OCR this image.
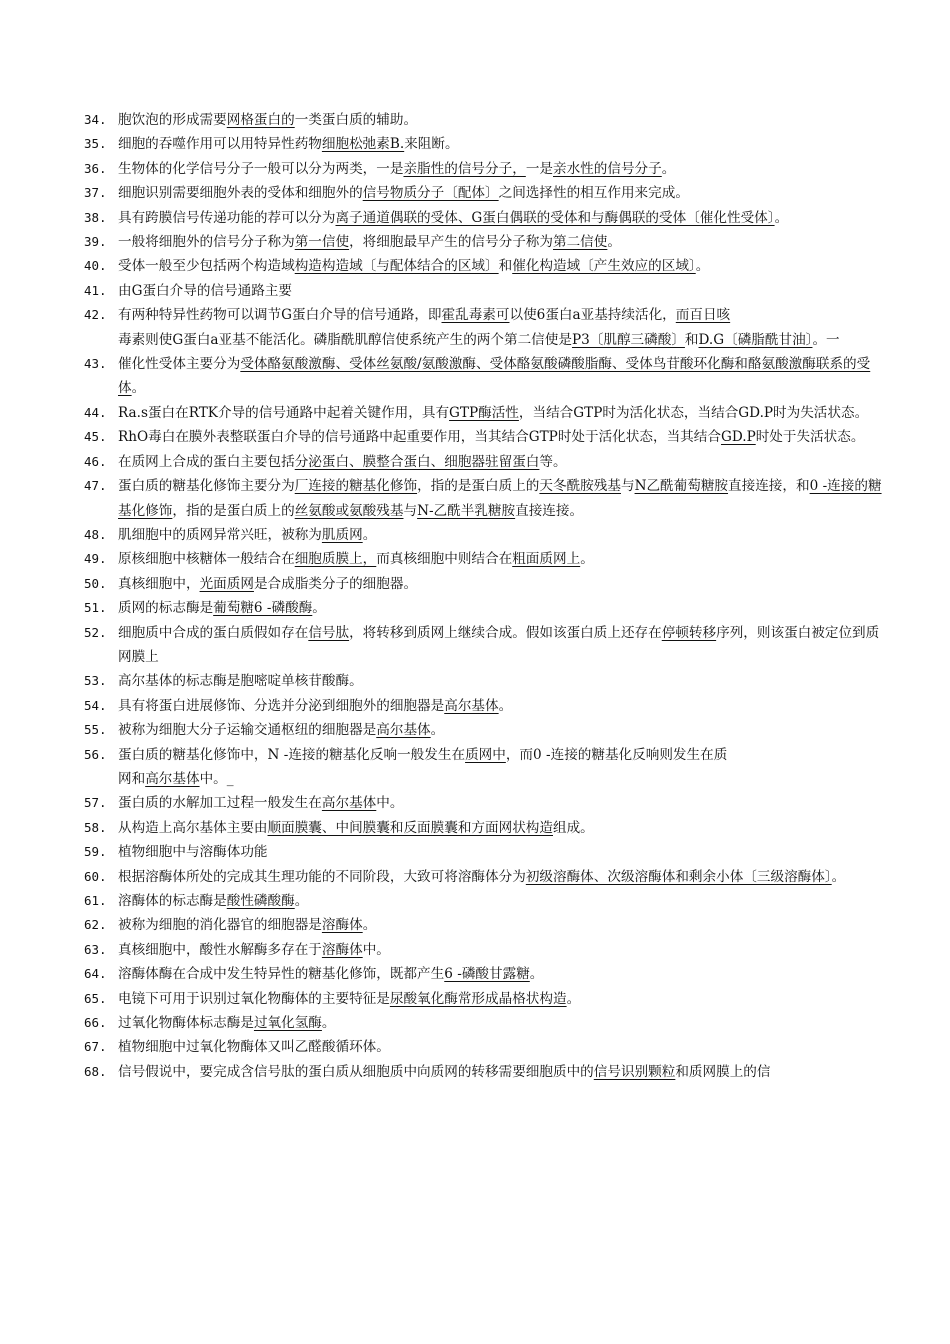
34. 胞饮泡的形成需要网格蛋白的一类蛋白质的辅助。
35. 细胞的吞噬作用可以用特异性药物细胞松弛素B.来阻断。
36. 生物体的化学信号分子一般可以分为两类，一是亲脂性的信号分子，一是亲水性的信号分子。
37. 细胞识别需要细胞外表的受体和细胞外的信号物质分子〔配体〕之间选择性的相互作用来完成。
38. 具有跨膜信号传递功能的荐可以分为离子通道偶联的受体、G蛋白偶联的受体和与酶偶联的受体〔催化性受体〕。
39. 一般将细胞外的信号分子称为第一信使，将细胞最早产生的信号分子称为第二信使。
40. 受体一般至少包括两个构造域构造构造域〔与配体结合的区域〕和催化构造域〔产生效应的区域〕。
41. 由G蛋白介导的信号通路主要
42. 有两种特异性药物可以调节G蛋白介导的信号通路，即霍乱毒素可以使6蛋白a亚基持续活化，而百日咳
毒素则使G蛋白a亚基不能活化。磷脂酰肌醇信使系统产生的两个第二信使是P3〔肌醇三磷酸〕和D.G〔磷脂酰甘油〕。一
43. 催化性受体主要分为受体酪氨酸激酶、受体丝氨酸/氨酸激酶、受体酪氨酸磷酸脂酶、受体鸟苷酸环化酶和酪氨酸激酶联系的受体。
44. Ra.s蛋白在RTK介导的信号通路中起着关键作用，具有GTP酶活性，当结合GTP时为活化状态，当结合GD.P时为失活状态。
45. RhO毒白在膜外表整联蛋白介导的信号通路中起重要作用，当其结合GTP时处于活化状态，当其结合GD.P时处于失活状态。
46. 在质网上合成的蛋白主要包括分泌蛋白、膜整合蛋白、细胞器驻留蛋白等。
47. 蛋白质的糖基化修饰主要分为厂连接的糖基化修饰，指的是蛋白质上的天冬酰胺残基与N乙酰葡萄糖胺直接连接，和0 -连接的糖基化修饰，指的是蛋白质上的丝氨酸或氨酸残基与N-乙酰半乳糖胺直接连接。
48. 肌细胞中的质网异常兴旺，被称为肌质网。
49. 原核细胞中核糖体一般结合在细胞质膜上，而真核细胞中则结合在粗面质网上。
50. 真核细胞中，光面质网是合成脂类分子的细胞器。
51. 质网的标志酶是葡萄糖6 -磷酸酶。
52. 细胞质中合成的蛋白质假如存在信号肽，将转移到质网上继续合成。假如该蛋白质上还存在停顿转移序列，则该蛋白被定位到质网膜上
53. 高尔基体的标志酶是胞嘧啶单核苷酸酶。
54. 具有将蛋白进展修饰、分选并分泌到细胞外的细胞器是高尔基体。
55. 被称为细胞大分子运输交通枢纽的细胞器是高尔基体。
56. 蛋白质的糖基化修饰中，N -连接的糖基化反响一般发生在质网中，而0 -连接的糖基化反响则发生在质
网和高尔基体中。_
57. 蛋白质的水解加工过程一般发生在高尔基体中。
58. 从构造上高尔基体主要由顺面膜囊、中间膜囊和反面膜囊和方面网状构造组成。
59. 植物细胞中与溶酶体功能
60. 根据溶酶体所处的完成其生理功能的不同阶段，大致可将溶酶体分为初级溶酶体、次级溶酶体和剩余小体〔三级溶酶体〕。
61. 溶酶体的标志酶是酸性磷酸酶。
62. 被称为细胞的消化器官的细胞器是溶酶体。
63. 真核细胞中，酸性水解酶多存在于溶酶体中。
64. 溶酶体酶在合成中发生特异性的糖基化修饰，既都产生6 -磷酸甘露糖。
65. 电镜下可用于识别过氧化物酶体的主要特征是尿酸氧化酶常形成晶格状构造。
66. 过氧化物酶体标志酶是过氧化氢酶。
67. 植物细胞中过氧化物酶体又叫乙醛酸循环体。
68. 信号假说中，要完成含信号肽的蛋白质从细胞质中向质网的转移需要细胞质中的信号识别颗粒和质网膜上的信
